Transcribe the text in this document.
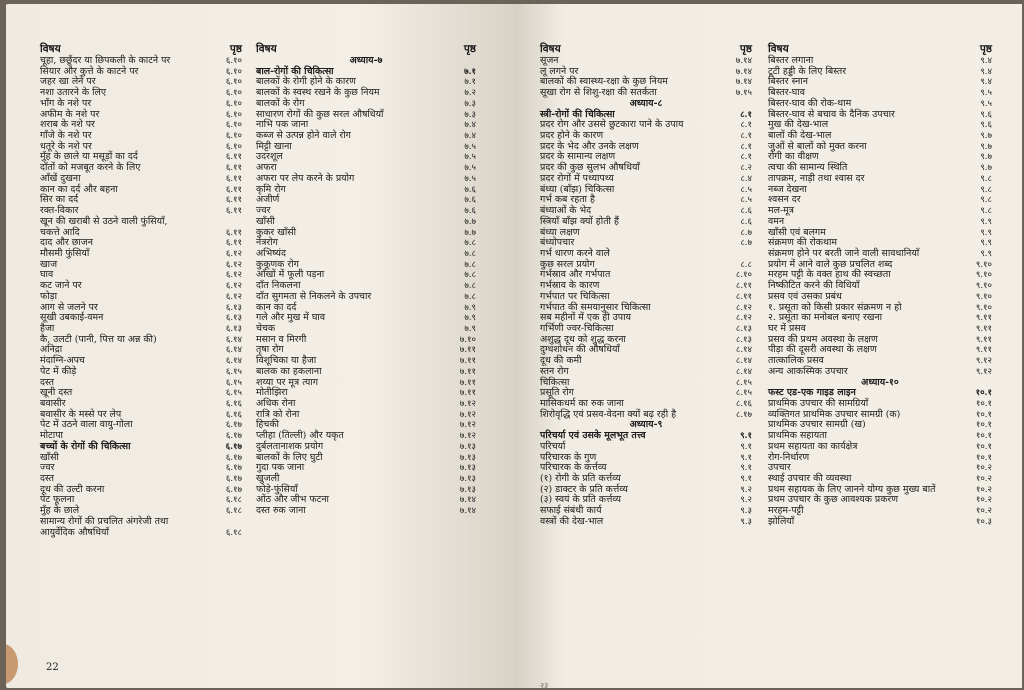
विषय	पृष्ठ
चूहा, छछूँदर या छिपकली के काटने पर	६.१०
सियार और कुत्ते के काटने पर	६.१०
जहर खा लेने पर	६.१०
नशा उतारने के लिए	६.१०
भाँग के नशे पर	६.१०
अफीम के नशे पर	६.१०
शराब के नशे पर	६.१०
गाँजे के नशे पर	६.१०
धतूरे के नशे पर	६.१०
मुँह के छाले या मसूड़ों का दर्द	६.११
दाँतों को मजबूत करने के लिए	६.११
आँखें दुखना	६.११
कान का दर्द और बहना	६.११
सिर का दर्द	६.११
रक्त-विकार	६.११
खून की खराबी से उठने वाली फुंसियाँ,
चकत्ते आदि	६.११
दाद और छाजन	६.११
मौसमी फुंसियाँ	६.१२
खाज	६.१२
घाव	६.१२
कट जाने पर	६.१२
फोड़ा	६.१२
आग से जलने पर	६.१३
सूखी उबकाई-वमन	६.१३
हैजा	६.१३
कै, उलटी (पानी, पित्त या अन्न की)	६.१४
अनिद्रा	६.१४
मंदाग्नि-अपच	६.१४
पेट में कीड़े	६.१५
दस्त	६.१५
खूनी दस्त	६.१५
बवासीर	६.१६
बवासीर के मस्से पर लेप	६.१६
पेट में उठने वाला वायु-गोला	६.१७
मोटापा	६.१७
बच्चों के रोगों की चिकित्सा	६.१७
खाँसी	६.१७
ज्वर	६.१७
दस्त	६.१७
दूध की उल्टी करना	६.१७
पेट फूलना	६.१८
मुँह के छाले	६.१८
सामान्य रोगों की प्रचलित अंगरेजी तथा
आयुर्वेदिक औषधियाँ	६.१८
विषय	पृष्ठ
अध्याय-७
बाल-रोगों की चिकित्सा	७.१
बालकों के रोगी होने के कारण	७.१
बालकों के स्वस्थ रखने के कुछ नियम	७.२
बालकों के रोग	७.३
साधारण रोगों की कुछ सरल औषधियाँ	७.३
नाभि पक जाना	७.४
कब्ज से उत्पन्न होने वाले रोग	७.४
मिट्टी खाना	७.५
उदरशूल	७.५
अफरा	७.५
अफरा पर लेप करने के प्रयोग	७.५
कृमि रोग	७.६
अजीर्ण	७.६
ज्वर	७.६
खाँसी	७.७
कुकर खाँसी	७.७
नेत्ररोग	७.८
अभिष्यंद	७.८
कुकूणक रोग	७.८
आँखों में फूली पड़ना	७.८
दाँत निकलना	७.८
दाँत सुगमता से निकलने के उपचार	७.८
कान का दर्द	७.९
गले और मुख में घाव	७.९
चेचक	७.९
मसान व मिरगी	७.१०
तृषा रोग	७.११
विशूचिका या हैजा	७.११
बालक का हकलाना	७.११
शय्या पर मूत्र त्याग	७.११
मोतीझिरा	७.११
अधिक रोना	७.१२
रात्रि को रोना	७.१२
हिचकी	७.१२
प्लीहा (तिल्ली) और यकृत	७.१२
दुर्बलतानाशक प्रयोग	७.१३
बालकों के लिए घुटी	७.१३
गुदा पक जाना	७.१३
खुजली	७.१३
फोड़े-फुंसियाँ	७.१३
ओंठ और जीभ फटना	७.१४
दस्त रुक जाना	७.१४
22
विषय	पृष्ठ
सूजन	७.१४
लू लगने पर	७.१४
बालकों की स्वास्थ्य-रक्षा के कुछ नियम	७.१४
सूखा रोग से शिशु-रक्षा की सतर्कता	७.१५
अध्याय-८
स्त्री-रोगों की चिकित्सा	८.१
प्रदर रोग और उससे छुटकारा पाने के उपाय	८.१
प्रदर होने के कारण	८.१
प्रदर के भेद और उनके लक्षण	८.१
प्रदर के सामान्य लक्षण	८.१
प्रदर की कुछ सुलभ औषधियाँ	८.२
प्रदर रोगों में पथ्यापथ्य	८.४
बंध्या (बाँझ) चिकित्सा	८.५
गर्भ कब रहता है	८.५
बंध्याओं के भेद	८.६
स्त्रियाँ बाँझ क्यों होती हैं	८.६
बंध्या लक्षण	८.७
बंध्योपचार	८.७
गर्भ धारण करने वाले
कुछ सरल प्रयोग	८.८
गर्भस्राव और गर्भपात	८.१०
गर्भस्राव के कारण	८.११
गर्भपात पर चिकित्सा	८.११
गर्भपात की समयानुसार चिकित्सा	८.१२
सब महीनों में एक ही उपाय	८.१२
गर्भिणी ज्वर-चिकित्सा	८.१३
अशुद्ध दूध को शुद्ध करना	८.१३
दुग्धशोधन की औषधियाँ	८.१४
दूध की कमी	८.१४
स्तन रोग	८.१४
चिकित्सा	८.१५
प्रसूति रोग	८.१५
मासिकधर्म का रुक जाना	८.१६
शिरोवृद्धि एवं प्रसव-वेदना क्यों बढ़ रही है	८.१७
अध्याय-९
परिचर्या एवं उसके मूलभूत तत्त्व	९.१
परिचर्या	९.१
परिचारक के गुण	९.१
परिचारक के कर्त्तव्य	९.१
(१) रोगी के प्रति कर्त्तव्य	९.१
(२) डाक्टर के प्रति कर्त्तव्य	९.२
(३) स्वयं के प्रति कर्त्तव्य	९.२
सफाई संबंधी कार्य	९.३
वस्त्रों की देख-भाल	९.३
विषय	पृष्ठ
बिस्तर लगाना	९.४
टूटी हड्डी के लिए बिस्तर	९.४
बिस्तर स्नान	९.४
बिस्तर-घाव	९.५
बिस्तर-घाव की रोक-थाम	९.५
बिस्तर-घाव से बचाव के दैनिक उपचार	९.६
मुख की देख-भाल	९.६
बालों की देख-भाल	९.७
जुओं से बालों को मुक्त करना	९.७
रोगी का वीक्षण	९.७
त्वचा की सामान्य स्थिति	९.७
तापक्रम, नाड़ी तथा श्वास दर	९.८
नब्ज देखना	९.८
श्वसन दर	९.८
मल-मूत्र	९.८
वमन	९.९
खाँसी एवं बलगम	९.९
संक्रमण की रोकथाम	९.९
संक्रमण होने पर बरती जाने वाली सावधानियाँ	९.९
प्रयोग में आने वाले कुछ प्रचलित शब्द	९.१०
मरहम पट्टी के वक्त हाथ की स्वच्छता	९.१०
निष्कीटित करने की विधियाँ	९.१०
प्रसव एवं उसका प्रबंध	९.१०
१. प्रसूता को किसी प्रकार संक्रमण न हो	९.१०
२. प्रसूता का मनोबल बनाए रखना	९.११
घर में प्रसव	९.११
प्रसव की प्रथम अवस्था के लक्षण	९.११
पीड़ा की दूसरी अवस्था के लक्षण	९.११
तात्कालिक प्रसव	९.१२
अन्य आकस्मिक उपचार	९.१२
अध्याय-१०
फस्ट एड-एक गाइड लाइन	१०.१
प्राथमिक उपचार की सामग्रियाँ	१०.१
व्यक्तिगत प्राथमिक उपचार सामग्री (क)	१०.१
प्राथमिक उपचार सामग्री (ख)	१०.१
प्राथमिक सहायता	१०.१
प्रथम सहायता का कार्यक्षेत्र	१०.१
रोग-निर्धारण	१०.१
उपचार	१०.२
स्थाई उपचार की व्यवस्था	१०.२
प्रथम सहायक के लिए जानने योग्य कुछ मुख्य बातें	१०.२
प्रथम उपचार के कुछ आवश्यक प्रकरण	१०.२
मरहम-पट्टी	१०.२
झोलियाँ	१०.३
२३
